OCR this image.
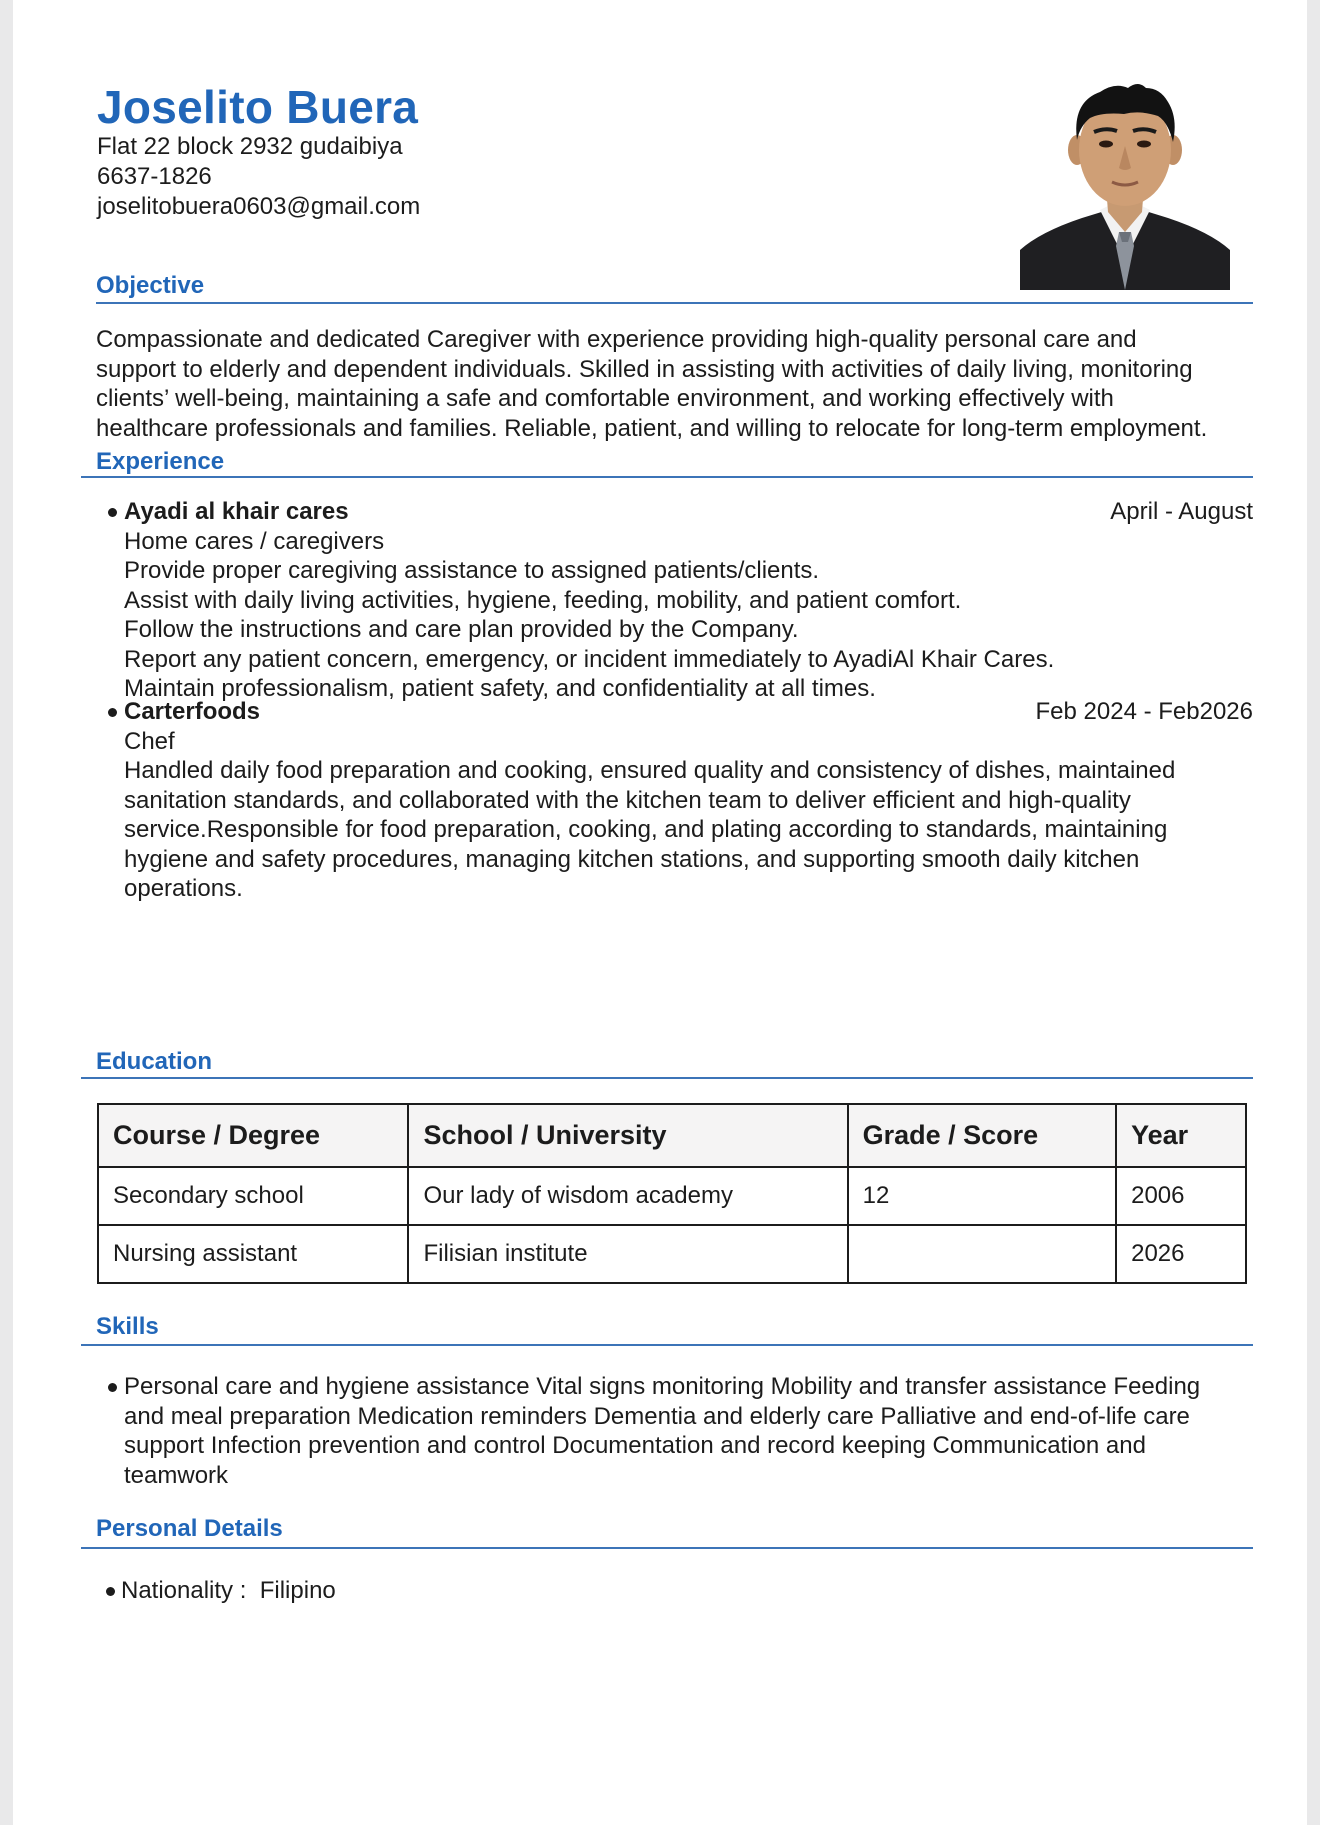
Joselito Buera
Flat 22 block 2932 gudaibiya
6637-1826
joselitobuera0603@gmail.com
Objective
Compassionate and dedicated Caregiver with experience providing high-quality personal care and
support to elderly and dependent individuals. Skilled in assisting with activities of daily living, monitoring
clients’ well-being, maintaining a safe and comfortable environment, and working effectively with
healthcare professionals and families. Reliable, patient, and willing to relocate for long-term employment.
Experience
Ayadi al khair cares	April - August
Home cares / caregivers
Provide proper caregiving assistance to assigned patients/clients.
Assist with daily living activities, hygiene, feeding, mobility, and patient comfort.
Follow the instructions and care plan provided by the Company.
Report any patient concern, emergency, or incident immediately to AyadiAl Khair Cares.
Maintain professionalism, patient safety, and confidentiality at all times.
Carterfoods	Feb 2024 - Feb2026
Chef
Handled daily food preparation and cooking, ensured quality and consistency of dishes, maintained
sanitation standards, and collaborated with the kitchen team to deliver efficient and high-quality
service.Responsible for food preparation, cooking, and plating according to standards, maintaining
hygiene and safety procedures, managing kitchen stations, and supporting smooth daily kitchen
operations.
Education
Course / Degree	School / University	Grade / Score	Year
Secondary school	Our lady of wisdom academy	12	2006
Nursing assistant	Filisian institute		2026
Skills
Personal care and hygiene assistance Vital signs monitoring Mobility and transfer assistance Feeding
and meal preparation Medication reminders Dementia and elderly care Palliative and end-of-life care
support Infection prevention and control Documentation and record keeping Communication and
teamwork
Personal Details
Nationality :  Filipino
